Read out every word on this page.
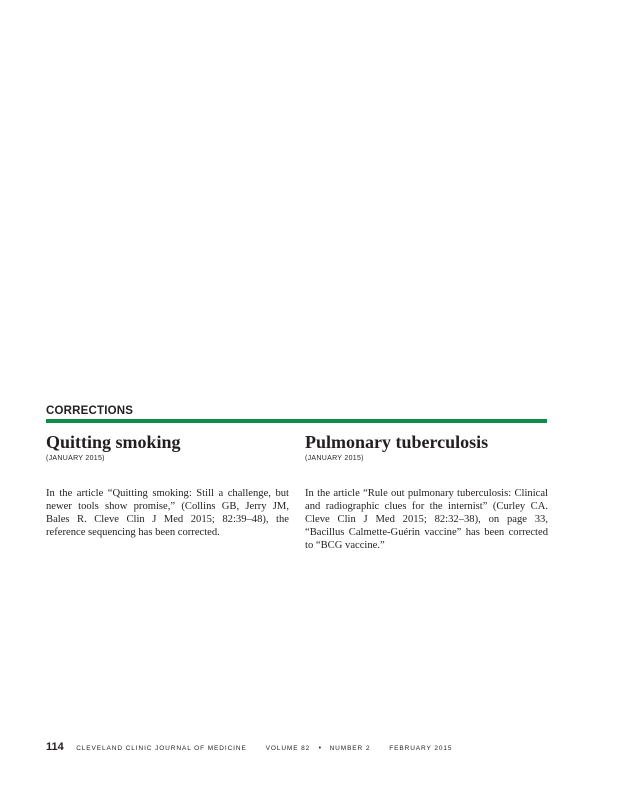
CORRECTIONS
Quitting smoking
(JANUARY 2015)

In the article “Quitting smoking: Still a challenge, but newer tools show promise,” (Collins GB, Jerry JM, Bales R. Cleve Clin J Med 2015; 82:39–48), the reference sequencing has been corrected.

Pulmonary tuberculosis
(JANUARY 2015)

In the article “Rule out pulmonary tuberculosis: Clinical and radiographic clues for the internist” (Curley CA. Cleve Clin J Med 2015; 82:32–38), on page 33, “Bacillus Calmette-Guérin vaccine” has been corrected to “BCG vaccine.”

114 CLEVELAND CLINIC JOURNAL OF MEDICINE	VOLUME 82 • NUMBER 2	FEBRUARY 2015
